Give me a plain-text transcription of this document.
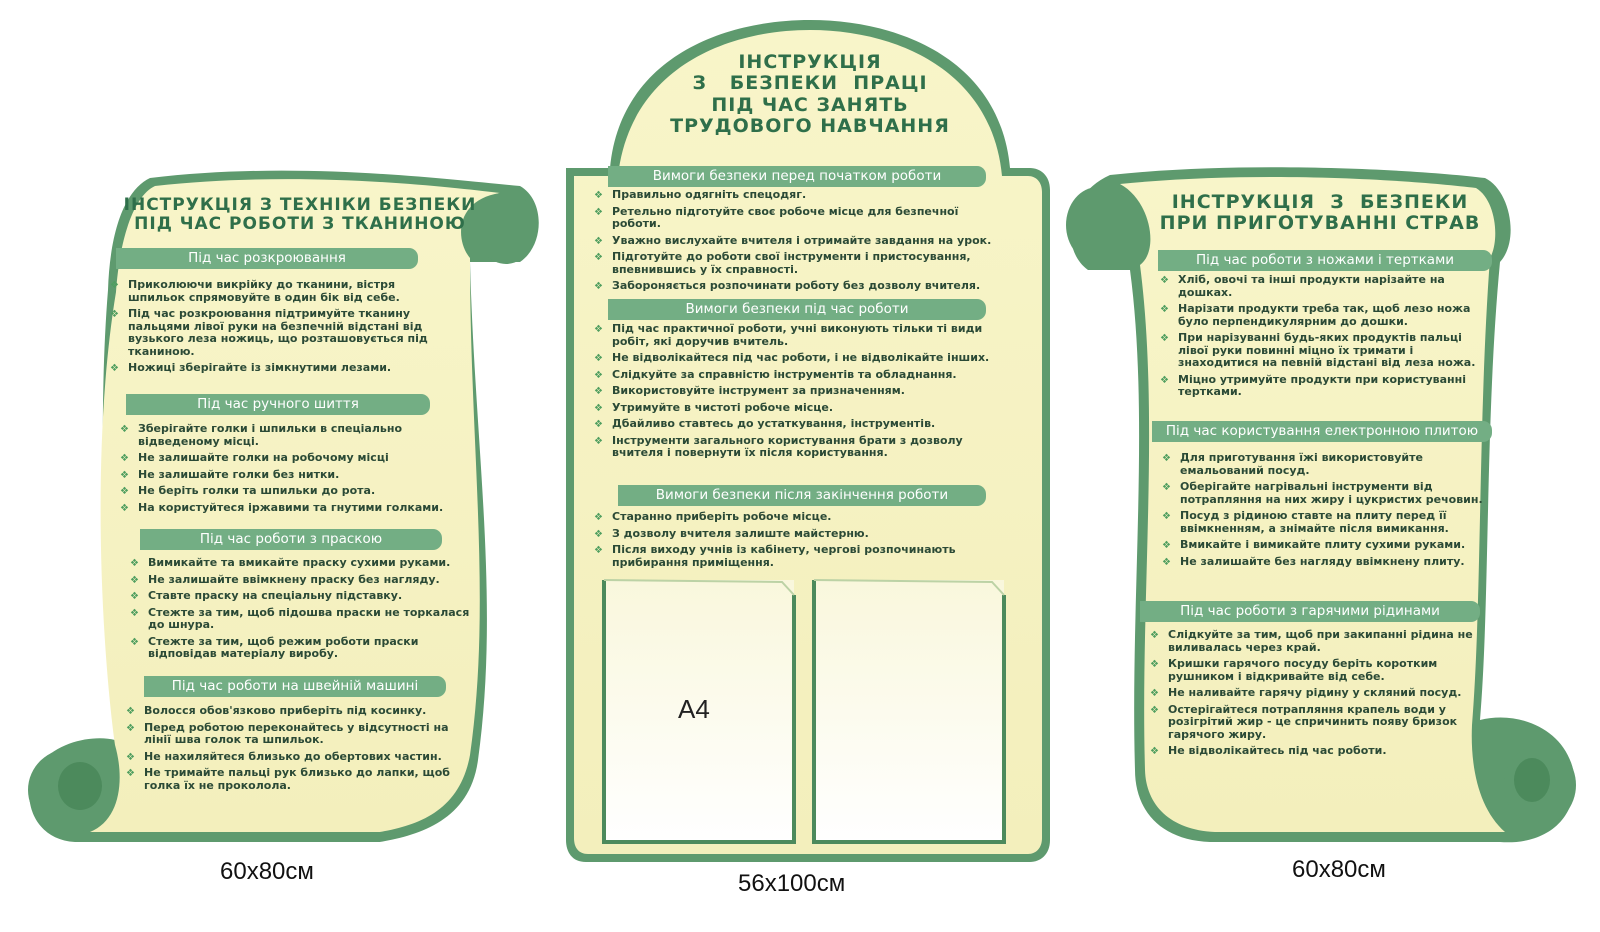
ІНСТРУКЦІЯ З ТЕХНІКИ БЕЗПЕКИ
ПІД ЧАС РОБОТИ З ТКАНИНОЮ
Під час розкроювання
❖ Приколюючи викрійку до тканини, вістря шпильок спрямовуйте в один бік від себе.
❖ Під час розкроювання підтримуйте тканину пальцями лівої руки на безпечній відстані від вузького леза ножиць, що розташовується під тканиною.
❖ Ножиці зберігайте із зімкнутими лезами.
Під час ручного шиття
❖ Зберігайте голки і шпильки в спеціально відведеному місці.
❖ Не залишайте голки на робочому місці
❖ Не залишайте голки без нитки.
❖ Не беріть голки та шпильки до рота.
❖ На користуйтеся іржавими та гнутими голками.
Під час роботи з праскою
❖ Вимикайте та вмикайте праску сухими руками.
❖ Не залишайте ввімкнену праску без нагляду.
❖ Ставте праску на спеціальну підставку.
❖ Стежте за тим, щоб підошва праски не торкалася до шнура.
❖ Стежте за тим, щоб режим роботи праски відповідав матеріалу виробу.
Під час роботи на швейній машині
❖ Волосся обов'язково приберіть під косинку.
❖ Перед роботою переконайтесь у відсутності на лінії шва голок та шпильок.
❖ Не нахиляйтеся близько до обертових частин.
❖ Не тримайте пальці рук близько до лапки, щоб голка їх не проколола.
60x80см
ІНСТРУКЦІЯ
З   БЕЗПЕКИ  ПРАЦІ
ПІД ЧАС ЗАНЯТЬ
ТРУДОВОГО НАВЧАННЯ
Вимоги безпеки перед початком роботи
❖ Правильно одягніть спецодяг.
❖ Ретельно підготуйте своє робоче місце для безпечної роботи.
❖ Уважно вислухайте вчителя і отримайте завдання на урок.
❖ Підготуйте до роботи свої інструменти і пристосування, впевнившись у їх справності.
❖ Забороняється розпочинати роботу без дозволу вчителя.
Вимоги безпеки під час роботи
❖ Під час практичної роботи, учні виконують тільки ті види робіт, які доручив вчитель.
❖ Не відволікайтеся під час роботи, і не відволікайте інших.
❖ Слідкуйте за справністю інструментів та обладнання.
❖ Використовуйте інструмент за призначенням.
❖ Утримуйте в чистоті робоче місце.
❖ Дбайливо ставтесь до устаткування, інструментів.
❖ Інструменти загального користування брати з дозволу вчителя і повернути їх після користування.
Вимоги безпеки після закінчення роботи
❖ Старанно приберіть робоче місце.
❖ З дозволу вчителя залиште майстерню.
❖ Після виходу учнів із кабінету, чергові розпочинають прибирання приміщення.
А4
56x100см
ІНСТРУКЦІЯ  З  БЕЗПЕКИ
ПРИ ПРИГОТУВАННІ СТРАВ
Під час роботи з ножами і тертками
❖ Хліб, овочі та інші продукти нарізайте на дошках.
❖ Нарізати продукти треба так, щоб лезо ножа було перпендикулярним до дошки.
❖ При нарізуванні будь-яких продуктів пальці лівої руки повинні міцно їх тримати і знаходитися на певній відстані від леза ножа.
❖ Міцно утримуйте продукти при користуванні тертками.
Під час користування електронною плитою
❖ Для приготування їжі використовуйте емальований посуд.
❖ Оберігайте нагрівальні інструменти від потрапляння на них жиру і цукристих речовин.
❖ Посуд з рідиною ставте на плиту перед її ввімкненням, а знімайте після вимикання.
❖ Вмикайте і вимикайте плиту сухими руками.
❖ Не залишайте без нагляду ввімкнену плиту.
Під час роботи з гарячими рідинами
❖ Слідкуйте за тим, щоб при закипанні рідина не виливалась через край.
❖ Кришки гарячого посуду беріть коротким рушником і відкривайте від себе.
❖ Не наливайте гарячу рідину у скляний посуд.
❖ Остерігайтеся потрапляння крапель води у розігрітий жир - це спричинить появу бризок гарячого жиру.
❖ Не відволікайтесь під час роботи.
60x80см
